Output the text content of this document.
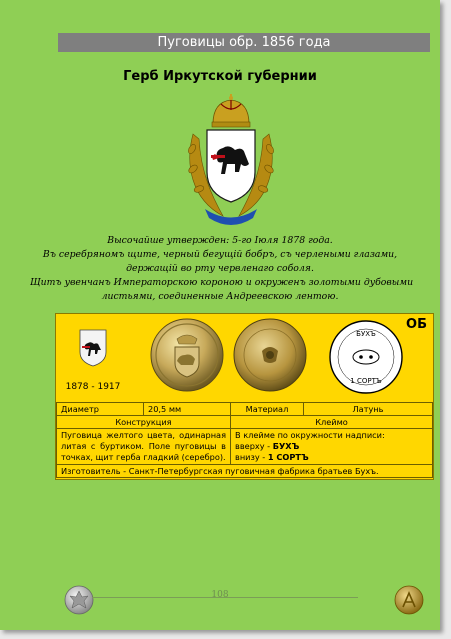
Пуговицы обр. 1856 года
Герб Иркутской губернии
Высочайше утвержден: 5-го Іюля 1878 года.
Въ серебряномъ щите, черный бегущій бобръ, съ черлеными глазами,
держащій во рту червленаго соболя.
Щитъ увенчанъ Императорскою короною и окруженъ золотыми дубовыми
листьями, соединенные Андреевскою лентою.
ОБ
1878 - 1917
БУХЪ
1 СОРТЪ
Диаметр	20,5 мм	Материал	Латунь
Конструкция		Клеймо	
Пуговица желтого цвета, одинарная литая с буртиком. Поле пуговицы в точках, щит герба гладкий (серебро).		В клейме по окружности надписи:
вверху - БУХЪ
внизу - 1 СОРТЪ	

Изготовитель - Санкт-Петербургская пуговичная фабрика братьев Бухъ.			
108
